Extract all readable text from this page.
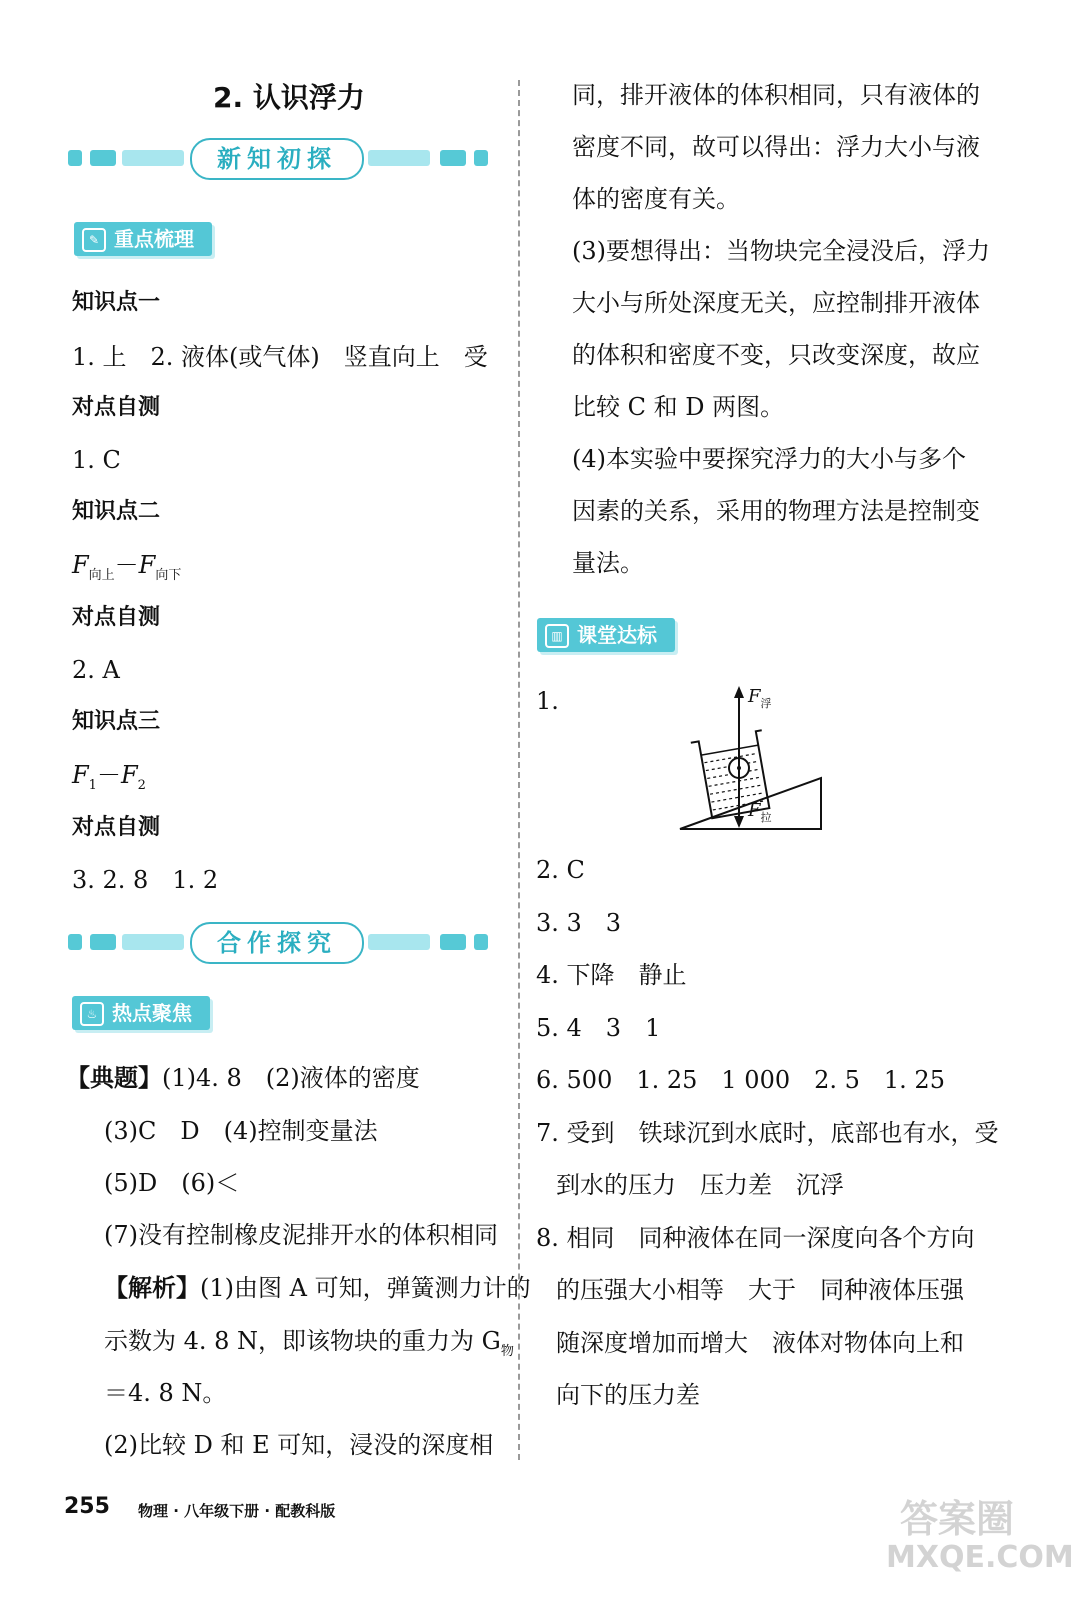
2. 认识浮力
新知初探
✎ 重点梳理
知识点一
1. 上　2. 液体(或气体)　竖直向上　受
对点自测
1. C
知识点二
$F_{向上}-F_{向下}$
对点自测
2. A
知识点三
$F_1-F_2$
对点自测
3. 2. 8　1. 2
合作探究
♨ 热点聚焦
【典题】(1)4. 8　(2)液体的密度
(3)C　D　(4)控制变量法
(5)D　(6)＜
(7)没有控制橡皮泥排开水的体积相同
【解析】(1)由图 A 可知，弹簧测力计的
示数为 4. 8 N，即该物块的重力为 $G_物$
＝4. 8 N。
(2)比较 D 和 E 可知，浸没的深度相
同，排开液体的体积相同，只有液体的
密度不同，故可以得出：浮力大小与液
体的密度有关。
(3)要想得出：当物块完全浸没后，浮力
大小与所处深度无关，应控制排开液体
的体积和密度不变，只改变深度，故应
比较 C 和 D 两图。
(4)本实验中要探究浮力的大小与多个
因素的关系，采用的物理方法是控制变
量法。
▥ 课堂达标
1.	$F_浮$
$F_拉$
2. C
3. 3　3
4. 下降　静止
5. 4　3　1
6. 500　1. 25　1 000　2. 5　1. 25
7. 受到　铁球沉到水底时，底部也有水，受
到水的压力　压力差　沉浮
8. 相同　同种液体在同一深度向各个方向
的压强大小相等　大于　同种液体压强
随深度增加而增大　液体对物体向上和
向下的压力差
255 物理 · 八年级下册 · 配教科版	答案圈
MXQE.COM
